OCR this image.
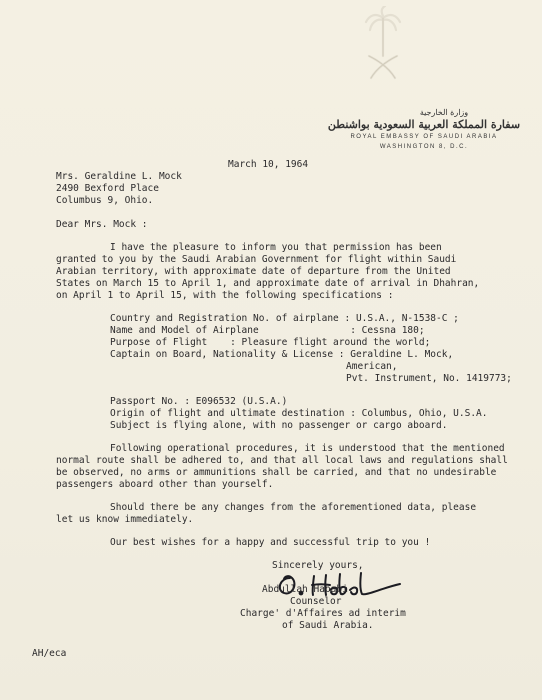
وزارة الخارجية
سفارة المملكة العربية السعودية بواشنطن
ROYAL EMBASSY OF SAUDI ARABIA
WASHINGTON 8, D.C.
March 10, 1964
Mrs. Geraldine L. Mock
2490 Bexford Place
Columbus 9, Ohio.
Dear Mrs. Mock :
I have the pleasure to inform you that permission has been
granted to you by the Saudi Arabian Government for flight within Saudi
Arabian territory, with approximate date of departure from the United
States on March 15 to April 1, and approximate date of arrival in Dhahran,
on April 1 to April 15, with the following specifications :
Country and Registration No. of airplane : U.S.A., N-1538-C ;
Name and Model of Airplane                : Cessna 180;
Purpose of Flight    : Pleasure flight around the world;
Captain on Board, Nationality & License : Geraldine L. Mock,
American,
Pvt. Instrument, No. 1419773;
Passport No. : E096532 (U.S.A.)
Origin of flight and ultimate destination : Columbus, Ohio, U.S.A.
Subject is flying alone, with no passenger or cargo aboard.
Following operational procedures, it is understood that the mentioned
normal route shall be adhered to, and that all local laws and regulations shall
be observed, no arms or ammunitions shall be carried, and that no undesirable
passengers aboard other than yourself.
Should there be any changes from the aforementioned data, please
let us know immediately.
Our best wishes for a happy and successful trip to you !
Sincerely yours,
Abdullah Hababi
Counselor
Charge' d'Affaires ad interim
of Saudi Arabia.
AH/eca
